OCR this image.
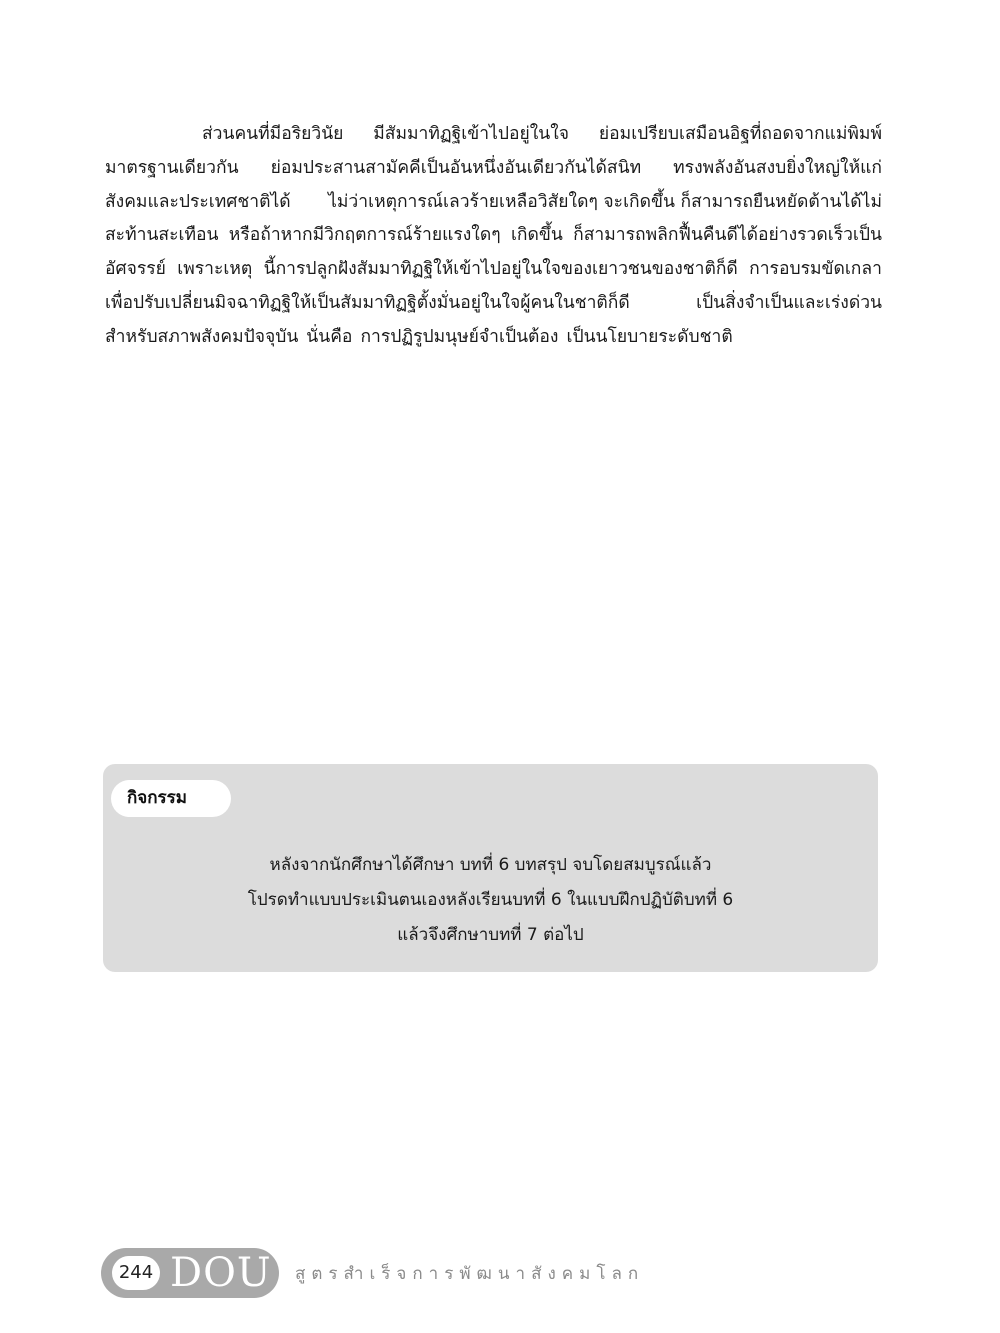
ส่วนคนที่มีอริยวินัย มีสัมมาทิฏฐิเข้าไปอยู่ในใจ ย่อมเปรียบเสมือนอิฐที่ถอดจากแม่พิมพ์
มาตรฐานเดียวกัน ย่อมประสานสามัคคีเป็นอันหนึ่งอันเดียวกันได้สนิท ทรงพลังอันสงบยิ่งใหญ่ให้แก่
สังคมและประเทศชาติได้ ไม่ว่าเหตุการณ์เลวร้ายเหลือวิสัยใดๆ จะเกิดขึ้น ก็สามารถยืนหยัดต้านได้ไม่
สะท้านสะเทือน หรือถ้าหากมีวิกฤตการณ์ร้ายแรงใดๆ เกิดขึ้น ก็สามารถพลิกฟื้นคืนดีได้อย่างรวดเร็วเป็น
อัศจรรย์ เพราะเหตุ นี้การปลูกฝังสัมมาทิฏฐิให้เข้าไปอยู่ในใจของเยาวชนของชาติก็ดี การอบรมขัดเกลา
เพื่อปรับเปลี่ยนมิจฉาทิฏฐิให้เป็นสัมมาทิฏฐิตั้งมั่นอยู่ในใจผู้คนในชาติก็ดี	เป็นสิ่งจำเป็นและเร่งด่วน
สำหรับสภาพสังคมปัจจุบัน นั่นคือ การปฏิรูปมนุษย์จำเป็นต้อง เป็นนโยบายระดับชาติ
กิจกรรม
หลังจากนักศึกษาได้ศึกษา บทที่ 6 บทสรุป จบโดยสมบูรณ์แล้ว
โปรดทำแบบประเมินตนเองหลังเรียนบทที่ 6 ในแบบฝึกปฏิบัติบทที่ 6
แล้วจึงศึกษาบทที่ 7 ต่อไป
244 DOU สูตรสำเร็จการพัฒนาสังคมโลก
